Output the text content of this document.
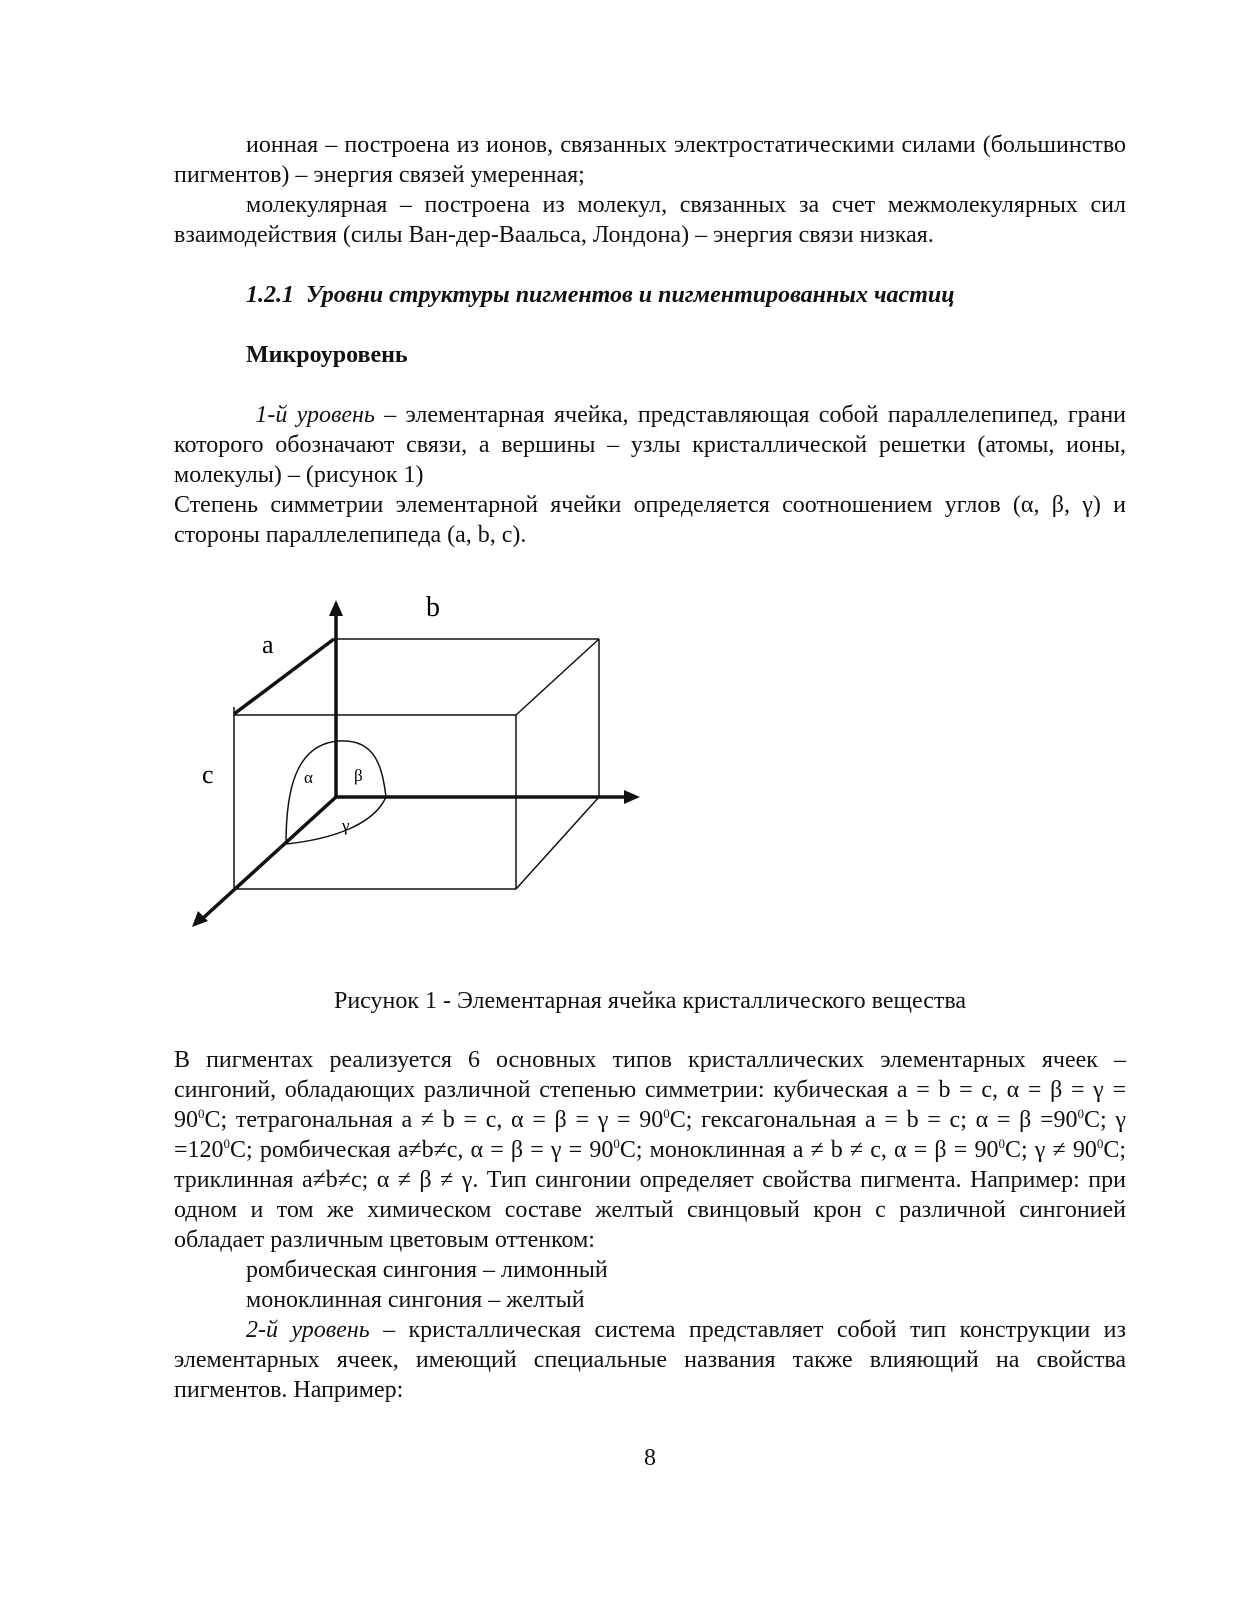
ионная – построена из ионов, связанных электростатическими силами (большинство пигментов) – энергия связей умеренная;

молекулярная – построена из молекул, связанных за счет межмолекулярных сил взаимодействия (силы Ван-дер-Ваальса, Лондона) – энергия связи низкая.

1.2.1 Уровни структуры пигментов и пигментированных частиц

Микроуровень

1-й уровень – элементарная ячейка, представляющая собой параллелепипед, грани которого обозначают связи, а вершины – узлы кристаллической решетки (атомы, ионы, молекулы) – (рисунок 1)

Степень симметрии элементарной ячейки определяется соотношением углов (α, β, γ) и стороны параллелепипеда (a, b, c).

b
a
c	α β
γ
Рисунок 1 - Элементарная ячейка кристаллического вещества

В пигментах реализуется 6 основных типов кристаллических элементарных ячеек – сингоний, обладающих различной степенью симметрии: кубическая a = b = c, $\alpha = \beta = \gamma = 90^0С$; тетрагональная a ≠ b = c, $\alpha = \beta = \gamma = 90^0С$; гексагональная a = b = c; $\alpha = \beta =90^0С$; $\gamma =120^0С$; ромбическая a≠b≠c, $\alpha = \beta = \gamma = 90^0С$; моноклинная a ≠ b ≠ c, $\alpha = \beta = 90^0С$; $\gamma \ne 90^0С$; триклинная a≠b≠c; α ≠ β ≠ γ. Тип сингонии определяет свойства пигмента. Например: при одном и том же химическом составе желтый свинцовый крон с различной сингонией обладает различным цветовым оттенком:

ромбическая сингония – лимонный

моноклинная сингония – желтый

2-й уровень – кристаллическая система представляет собой тип конструкции из элементарных ячеек, имеющий специальные названия также влияющий на свойства пигментов. Например:

8
